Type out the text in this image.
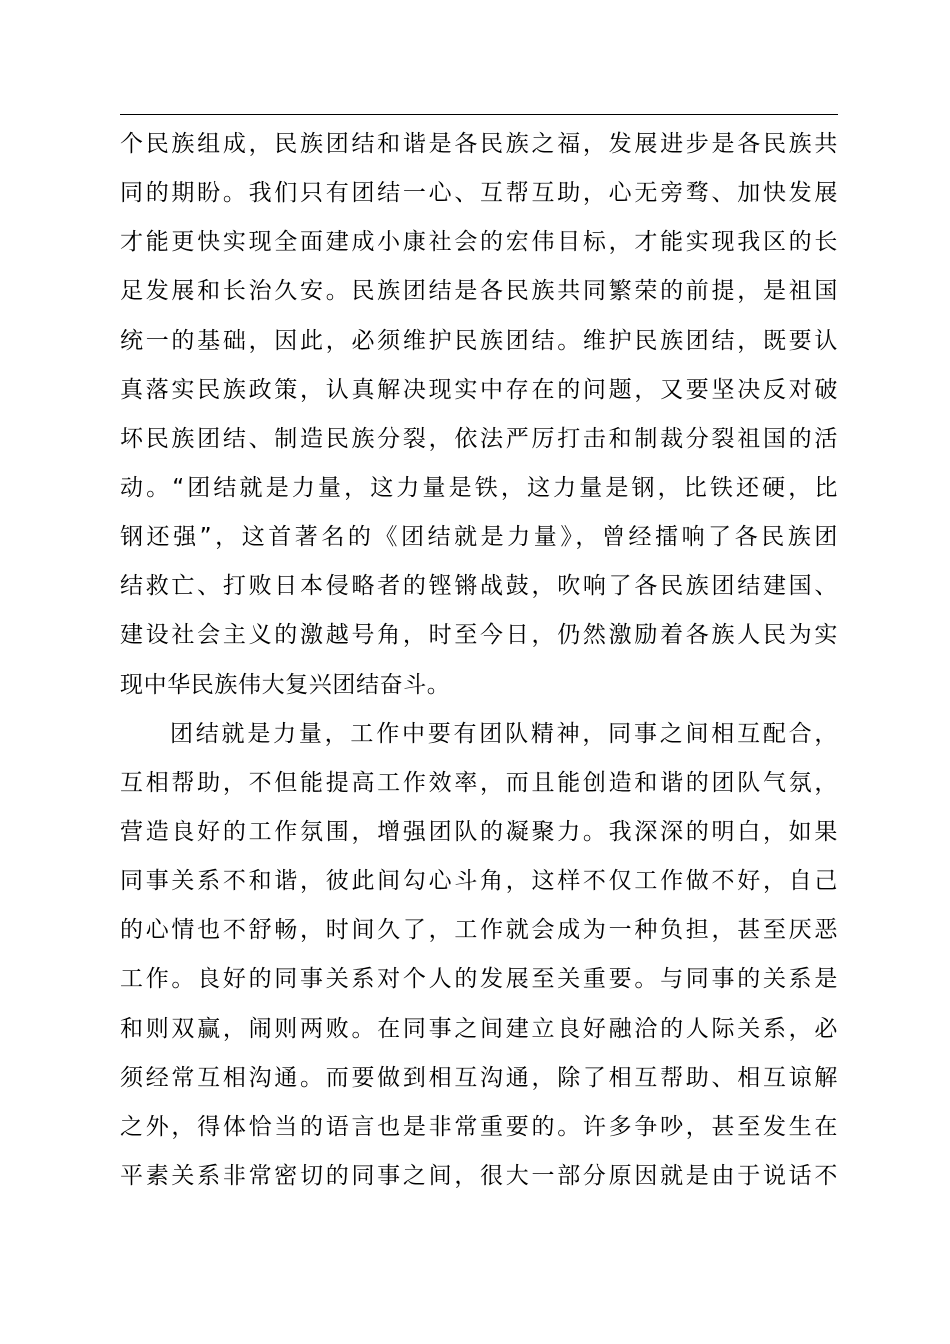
个民族组成，民族团结和谐是各民族之福，发展进步是各民族共
同的期盼。我们只有团结一心、互帮互助，心无旁骛、加快发展
才能更快实现全面建成小康社会的宏伟目标，才能实现我区的长
足发展和长治久安。民族团结是各民族共同繁荣的前提，是祖国
统一的基础，因此，必须维护民族团结。维护民族团结，既要认
真落实民族政策，认真解决现实中存在的问题，又要坚决反对破
坏民族团结、制造民族分裂，依法严厉打击和制裁分裂祖国的活
动。“团结就是力量，这力量是铁，这力量是钢，比铁还硬，比
钢还强”，这首著名的《团结就是力量》，曾经擂响了各民族团
结救亡、打败日本侵略者的铿锵战鼓，吹响了各民族团结建国、
建设社会主义的激越号角，时至今日，仍然激励着各族人民为实
现中华民族伟大复兴团结奋斗。
团结就是力量，工作中要有团队精神，同事之间相互配合，
互相帮助，不但能提高工作效率，而且能创造和谐的团队气氛，
营造良好的工作氛围，增强团队的凝聚力。我深深的明白，如果
同事关系不和谐，彼此间勾心斗角，这样不仅工作做不好，自己
的心情也不舒畅，时间久了，工作就会成为一种负担，甚至厌恶
工作。良好的同事关系对个人的发展至关重要。与同事的关系是
和则双赢，闹则两败。在同事之间建立良好融洽的人际关系，必
须经常互相沟通。而要做到相互沟通，除了相互帮助、相互谅解
之外，得体恰当的语言也是非常重要的。许多争吵，甚至发生在
平素关系非常密切的同事之间，很大一部分原因就是由于说话不
